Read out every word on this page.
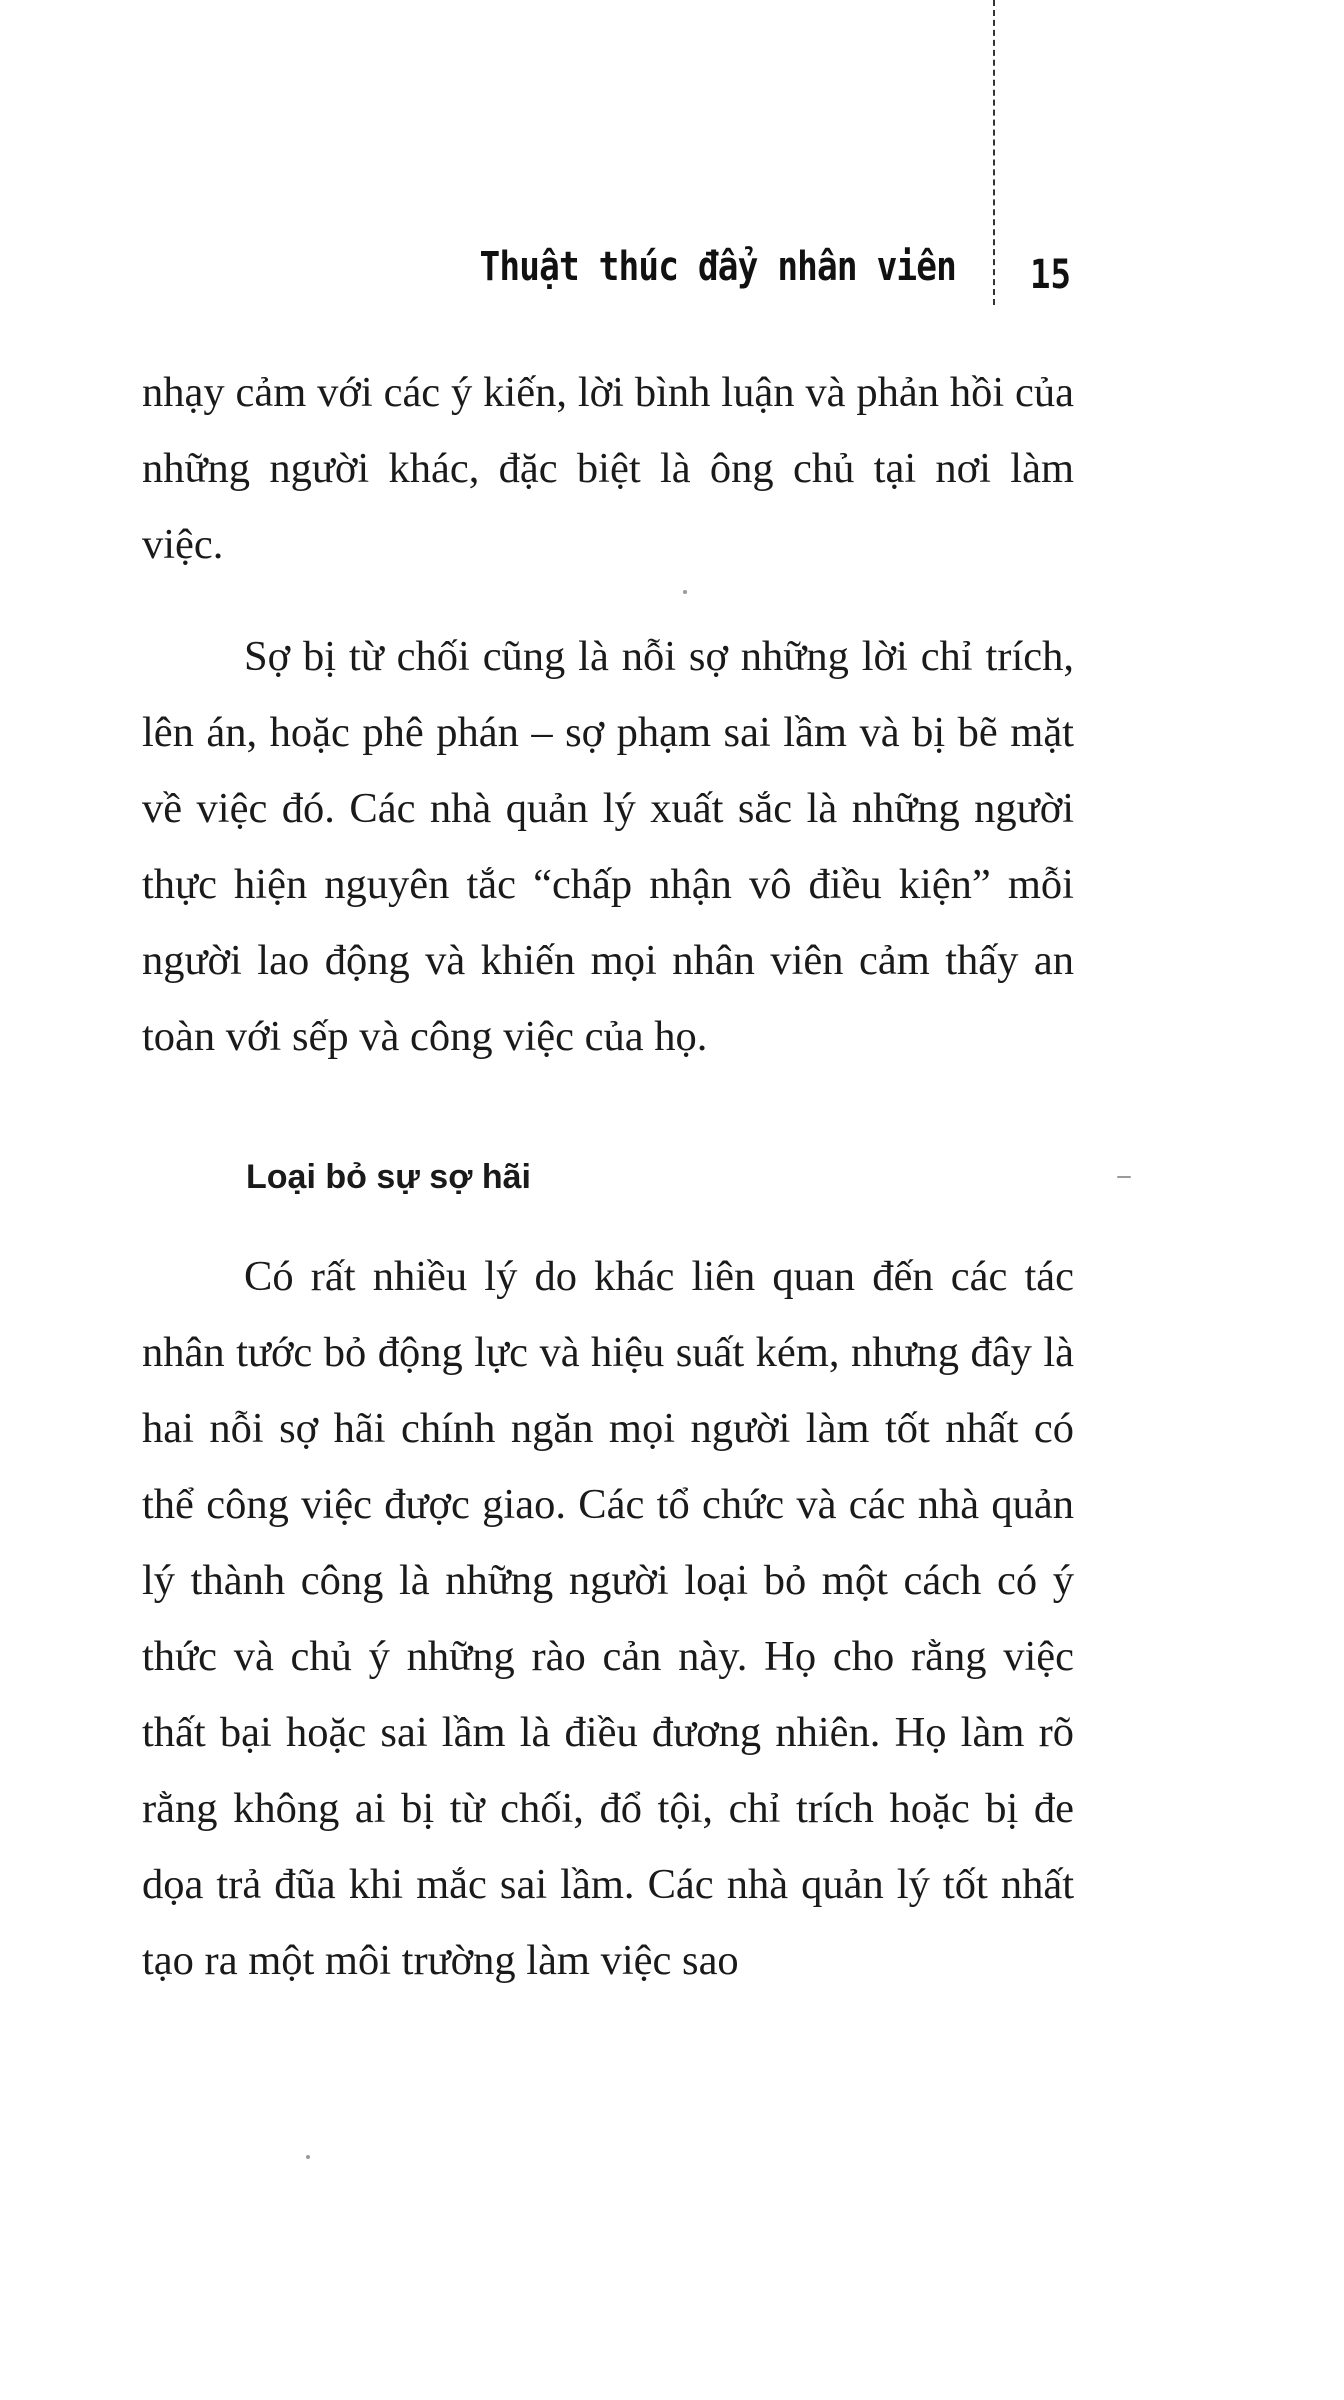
Thuật thúc đẩy nhân viên 15

nhạy cảm với các ý kiến, lời bình luận và phản hồi của những người khác, đặc biệt là ông chủ tại nơi làm việc.

Sợ bị từ chối cũng là nỗi sợ những lời chỉ trích, lên án, hoặc phê phán – sợ phạm sai lầm và bị bẽ mặt về việc đó. Các nhà quản lý xuất sắc là những người thực hiện nguyên tắc “chấp nhận vô điều kiện” mỗi người lao động và khiến mọi nhân viên cảm thấy an toàn với sếp và công việc của họ.

Loại bỏ sự sợ hãi

Có rất nhiều lý do khác liên quan đến các tác nhân tước bỏ động lực và hiệu suất kém, nhưng đây là hai nỗi sợ hãi chính ngăn mọi người làm tốt nhất có thể công việc được giao. Các tổ chức và các nhà quản lý thành công là những người loại bỏ một cách có ý thức và chủ ý những rào cản này. Họ cho rằng việc thất bại hoặc sai lầm là điều đương nhiên. Họ làm rõ rằng không ai bị từ chối, đổ tội, chỉ trích hoặc bị đe dọa trả đũa khi mắc sai lầm. Các nhà quản lý tốt nhất tạo ra một môi trường làm việc sao
